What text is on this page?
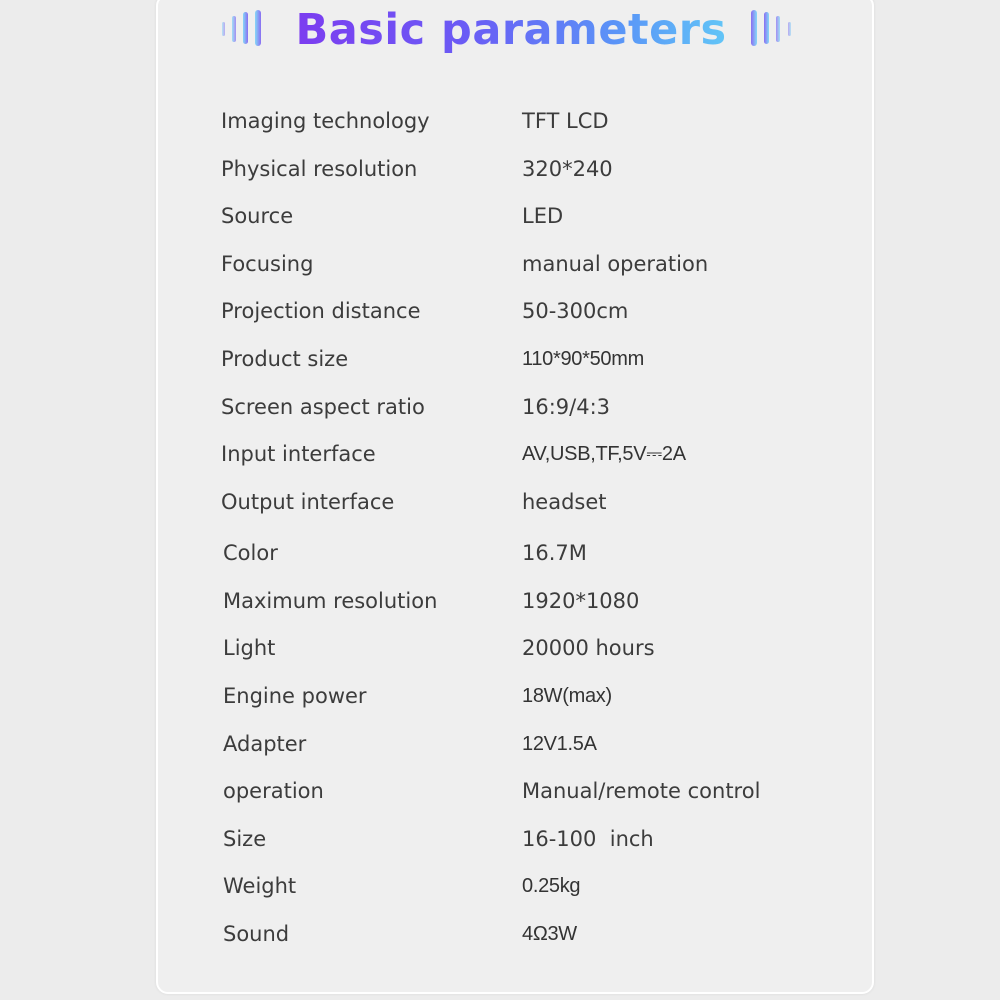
Basic parameters
Imaging technology	TFT LCD
Physical resolution	320*240
Source	LED
Focusing	manual operation
Projection distance	50-300cm
Product size	110*90*50mm
Screen aspect ratio	16:9/4:3
Input interface	AV,USB,TF,5V⎓2A
Output interface	headset
Color	16.7M
Maximum resolution	1920*1080
Light	20000 hours
Engine power	18W(max)
Adapter	12V1.5A
operation	Manual/remote control
Size	16-100  inch
Weight	0.25kg
Sound	4Ω3W
